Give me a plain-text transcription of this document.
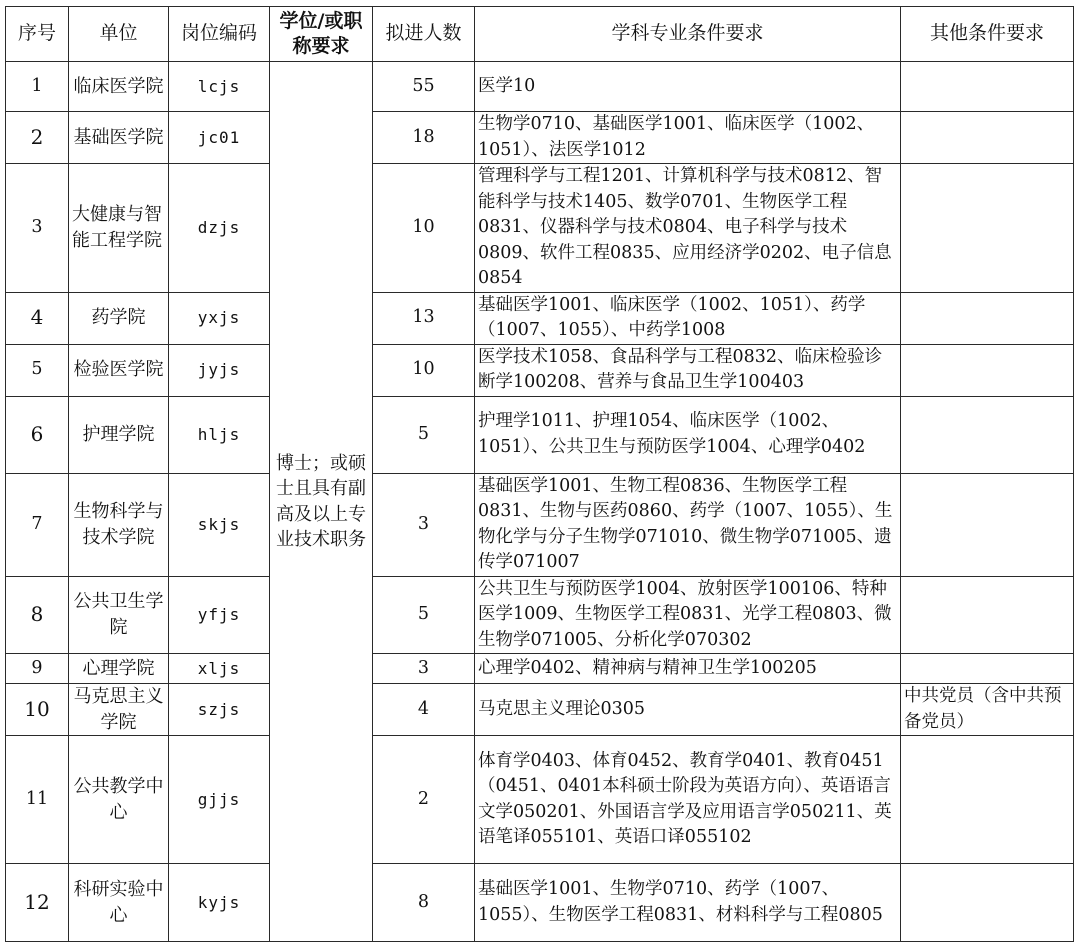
序号	单位	岗位编码	学位/或职称要求	拟进人数	学科专业条件要求	其他条件要求
1	临床医学院	lcjs	博士；或硕士且具有副高及以上专业技术职务	55	医学10	
2	基础医学院	jc01		18	生物学0710、基础医学1001、临床医学（1002、1051）、法医学1012	
3	大健康与智能工程学院	dzjs		10	管理科学与工程1201、计算机科学与技术0812、智能科学与技术1405、数学0701、生物医学工程0831、仪器科学与技术0804、电子科学与技术0809、软件工程0835、应用经济学0202、电子信息0854	
4	药学院	yxjs		13	基础医学1001、临床医学（1002、1051）、药学（1007、1055）、中药学1008	
5	检验医学院	jyjs		10	医学技术1058、食品科学与工程0832、临床检验诊断学100208、营养与食品卫生学100403	
6	护理学院	hljs		5	护理学1011、护理1054、临床医学（1002、1051）、公共卫生与预防医学1004、心理学0402	
7	生物科学与技术学院	skjs		3	基础医学1001、生物工程0836、生物医学工程0831、生物与医药0860、药学（1007、1055）、生物化学与分子生物学071010、微生物学071005、遗传学071007	
8	公共卫生学院	yfjs		5	公共卫生与预防医学1004、放射医学100106、特种医学1009、生物医学工程0831、光学工程0803、微生物学071005、分析化学070302	
9	心理学院	xljs		3	心理学0402、精神病与精神卫生学100205	
10	马克思主义学院	szjs		4	马克思主义理论0305	中共党员（含中共预备党员）
11	公共教学中心	gjjs		2	体育学0403、体育0452、教育学0401、教育0451（0451、0401本科硕士阶段为英语方向）、英语语言文学050201、外国语言学及应用语言学050211、英语笔译055101、英语口译055102	
12	科研实验中心	kyjs		8	基础医学1001、生物学0710、药学（1007、1055）、生物医学工程0831、材料科学与工程0805	
